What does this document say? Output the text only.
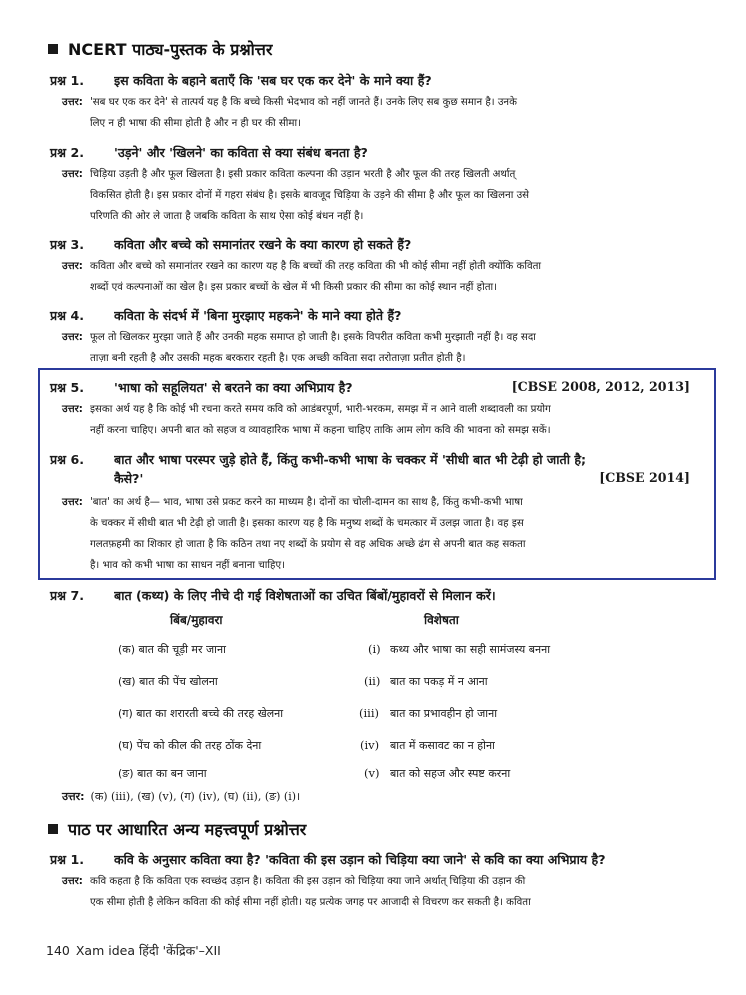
NCERT पाठ्य-पुस्तक के प्रश्नोत्तर
प्रश्न 1.	इस कविता के बहाने बताएँ कि 'सब घर एक कर देने' के माने क्या हैं?
उत्तर: 'सब घर एक कर देने' से तात्पर्य यह है कि बच्चे किसी भेदभाव को नहीं जानते हैं। उनके लिए सब कुछ समान है। उनके
लिए न ही भाषा की सीमा होती है और न ही घर की सीमा।
प्रश्न 2.	'उड़ने' और 'खिलने' का कविता से क्या संबंध बनता है?
उत्तर: चिड़िया उड़ती है और फूल खिलता है। इसी प्रकार कविता कल्पना की उड़ान भरती है और फूल की तरह खिलती अर्थात्
विकसित होती है। इस प्रकार दोनों में गहरा संबंध है। इसके बावजूद चिड़िया के उड़ने की सीमा है और फूल का खिलना उसे
परिणति की ओर ले जाता है जबकि कविता के साथ ऐसा कोई बंधन नहीं है।
प्रश्न 3.	कविता और बच्चे को समानांतर रखने के क्या कारण हो सकते हैं?
उत्तर: कविता और बच्चे को समानांतर रखने का कारण यह है कि बच्चों की तरह कविता की भी कोई सीमा नहीं होती क्योंकि कविता
शब्दों एवं कल्पनाओं का खेल है। इस प्रकार बच्चों के खेल में भी किसी प्रकार की सीमा का कोई स्थान नहीं होता।
प्रश्न 4.	कविता के संदर्भ में 'बिना मुरझाए महकने' के माने क्या होते हैं?
उत्तर: फूल तो खिलकर मुरझा जाते हैं और उनकी महक समाप्त हो जाती है। इसके विपरीत कविता कभी मुरझाती नहीं है। वह सदा
ताज़ा बनी रहती है और उसकी महक बरकरार रहती है। एक अच्छी कविता सदा तरोताज़ा प्रतीत होती है।
प्रश्न 5.	'भाषा को सहूलियत' से बरतने का क्या अभिप्राय है?	[CBSE 2008, 2012, 2013]
उत्तर: इसका अर्थ यह है कि कोई भी रचना करते समय कवि को आडंबरपूर्ण, भारी-भरकम, समझ में न आने वाली शब्दावली का प्रयोग
नहीं करना चाहिए। अपनी बात को सहज व व्यावहारिक भाषा में कहना चाहिए ताकि आम लोग कवि की भावना को समझ सकें।
प्रश्न 6.	बात और भाषा परस्पर जुड़े होते हैं, किंतु कभी-कभी भाषा के चक्कर में 'सीधी बात भी टेढ़ी हो जाती है;
कैसे?'	[CBSE 2014]
उत्तर: 'बात' का अर्थ है— भाव, भाषा उसे प्रकट करने का माध्यम है। दोनों का चोली-दामन का साथ है, किंतु कभी-कभी भाषा
के चक्कर में सीधी बात भी टेढ़ी हो जाती है। इसका कारण यह है कि मनुष्य शब्दों के चमत्कार में उलझ जाता है। वह इस
गलतफ़हमी का शिकार हो जाता है कि कठिन तथा नए शब्दों के प्रयोग से वह अधिक अच्छे ढंग से अपनी बात कह सकता
है। भाव को कभी भाषा का साधन नहीं बनाना चाहिए।
प्रश्न 7.	बात (कथ्य) के लिए नीचे दी गई विशेषताओं का उचित बिंबों/मुहावरों से मिलान करें।
बिंब/मुहावरा	विशेषता
(क) बात की चूड़ी मर जाना	(i) कथ्य और भाषा का सही सामंजस्य बनना
(ख) बात की पेंच खोलना	(ii) बात का पकड़ में न आना
(ग) बात का शरारती बच्चे की तरह खेलना	(iii) बात का प्रभावहीन हो जाना
(घ) पेंच को कील की तरह ठोंक देना	(iv) बात में कसावट का न होना
(ङ) बात का बन जाना	(v) बात को सहज और स्पष्ट करना
उत्तर: (क) (iii), (ख) (v), (ग) (iv), (घ) (ii), (ङ) (i)।
पाठ पर आधारित अन्य महत्त्वपूर्ण प्रश्नोत्तर
प्रश्न 1.	कवि के अनुसार कविता क्या है? 'कविता की इस उड़ान को चिड़िया क्या जाने' से कवि का क्या अभिप्राय है?
उत्तर: कवि कहता है कि कविता एक स्वच्छंद उड़ान है। कविता की इस उड़ान को चिड़िया क्या जाने अर्थात् चिड़िया की उड़ान की
एक सीमा होती है लेकिन कविता की कोई सीमा नहीं होती। यह प्रत्येक जगह पर आजादी से विचरण कर सकती है। कविता
140 Xam idea हिंदी 'केंद्रिक'–XII
